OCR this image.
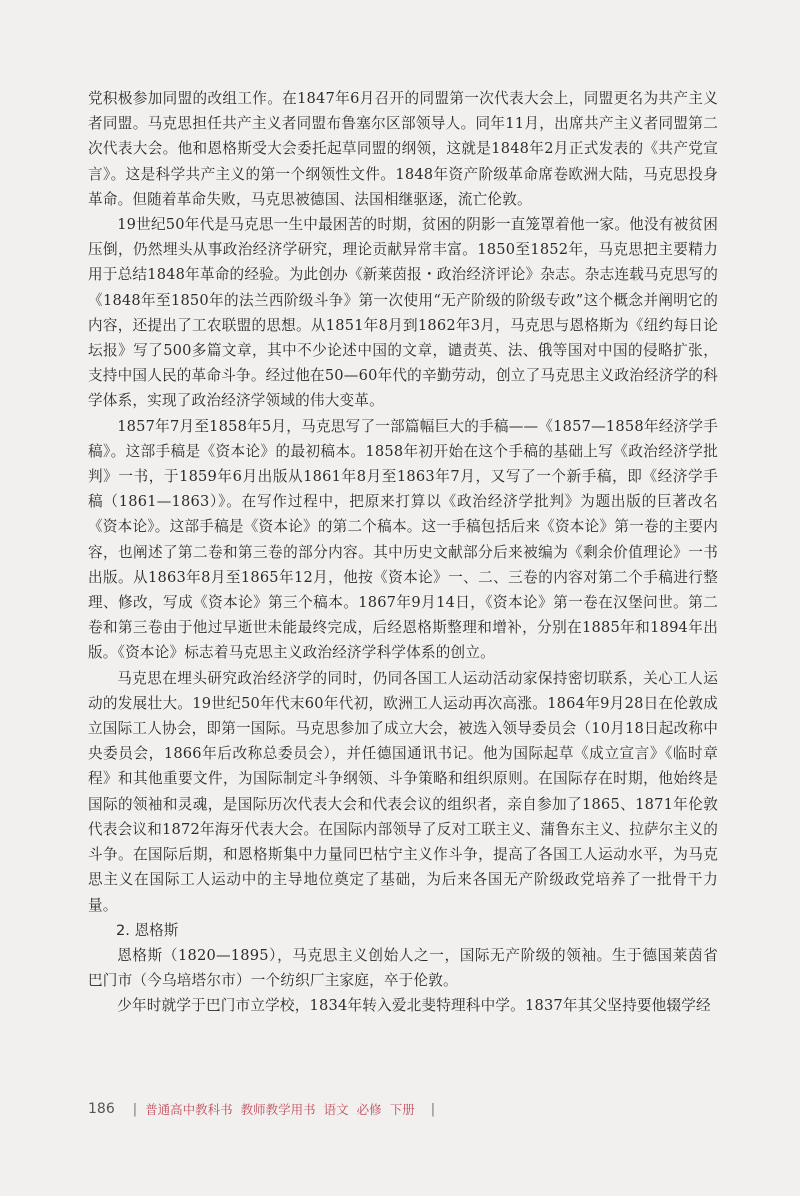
党积极参加同盟的改组工作。在1847年6月召开的同盟第一次代表大会上，同盟更名为共产主义者同盟。马克思担任共产主义者同盟布鲁塞尔区部领导人。同年11月，出席共产主义者同盟第二次代表大会。他和恩格斯受大会委托起草同盟的纲领，这就是1848年2月正式发表的《共产党宣言》。这是科学共产主义的第一个纲领性文件。1848年资产阶级革命席卷欧洲大陆，马克思投身革命。但随着革命失败，马克思被德国、法国相继驱逐，流亡伦敦。

19世纪50年代是马克思一生中最困苦的时期，贫困的阴影一直笼罩着他一家。他没有被贫困压倒，仍然埋头从事政治经济学研究，理论贡献异常丰富。1850至1852年，马克思把主要精力用于总结1848年革命的经验。为此创办《新莱茵报・政治经济评论》杂志。杂志连载马克思写的《1848年至1850年的法兰西阶级斗争》第一次使用“无产阶级的阶级专政”这个概念并阐明它的内容，还提出了工农联盟的思想。从1851年8月到1862年3月，马克思与恩格斯为《纽约每日论坛报》写了500多篇文章，其中不少论述中国的文章，谴责英、法、俄等国对中国的侵略扩张，支持中国人民的革命斗争。经过他在50—60年代的辛勤劳动，创立了马克思主义政治经济学的科学体系，实现了政治经济学领域的伟大变革。

1857年7月至1858年5月，马克思写了一部篇幅巨大的手稿——《1857—1858年经济学手稿》。这部手稿是《资本论》的最初稿本。1858年初开始在这个手稿的基础上写《政治经济学批判》一书，于1859年6月出版从1861年8月至1863年7月，又写了一个新手稿，即《经济学手稿（1861—1863）》。在写作过程中，把原来打算以《政治经济学批判》为题出版的巨著改名《资本论》。这部手稿是《资本论》的第二个稿本。这一手稿包括后来《资本论》第一卷的主要内容，也阐述了第二卷和第三卷的部分内容。其中历史文献部分后来被编为《剩余价值理论》一书出版。从1863年8月至1865年12月，他按《资本论》一、二、三卷的内容对第二个手稿进行整理、修改，写成《资本论》第三个稿本。1867年9月14日，《资本论》第一卷在汉堡问世。第二卷和第三卷由于他过早逝世未能最终完成，后经恩格斯整理和增补，分别在1885年和1894年出版。《资本论》标志着马克思主义政治经济学科学体系的创立。

马克思在埋头研究政治经济学的同时，仍同各国工人运动活动家保持密切联系，关心工人运动的发展壮大。19世纪50年代末60年代初，欧洲工人运动再次高涨。1864年9月28日在伦敦成立国际工人协会，即第一国际。马克思参加了成立大会，被选入领导委员会（10月18日起改称中央委员会，1866年后改称总委员会），并任德国通讯书记。他为国际起草《成立宣言》《临时章程》和其他重要文件，为国际制定斗争纲领、斗争策略和组织原则。在国际存在时期，他始终是国际的领袖和灵魂，是国际历次代表大会和代表会议的组织者，亲自参加了1865、1871年伦敦代表会议和1872年海牙代表大会。在国际内部领导了反对工联主义、蒲鲁东主义、拉萨尔主义的斗争。在国际后期，和恩格斯集中力量同巴枯宁主义作斗争，提高了各国工人运动水平，为马克思主义在国际工人运动中的主导地位奠定了基础，为后来各国无产阶级政党培养了一批骨干力量。

2. 恩格斯

恩格斯（1820—1895），马克思主义创始人之一，国际无产阶级的领袖。生于德国莱茵省巴门市（今乌培塔尔市）一个纺织厂主家庭，卒于伦敦。

少年时就学于巴门市立学校，1834年转入爱北斐特理科中学。1837年其父坚持要他辍学经

186 | 普通高中教科书 教师教学用书 语文 必修 下册 |
